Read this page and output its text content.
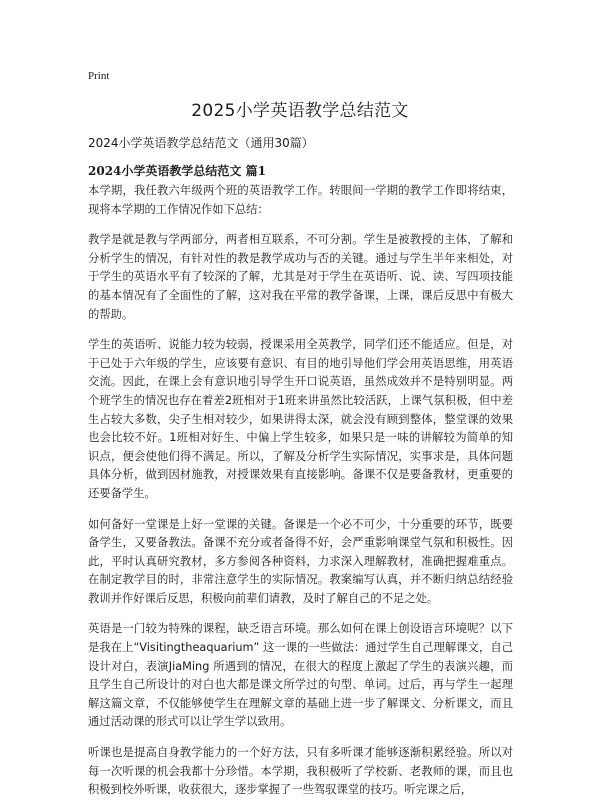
Print
2025小学英语教学总结范文
2024小学英语教学总结范文（通用30篇）
2024小学英语教学总结范文 篇1

本学期，我任教六年级两个班的英语教学工作。转眼间一学期的教学工作即将结束，现将本学期的工作情况作如下总结：

教学是就是教与学两部分，两者相互联系，不可分割。学生是被教授的主体，了解和分析学生的情况，有针对性的教是教学成功与否的关键。通过与学生半年来相处，对于学生的英语水平有了较深的了解，尤其是对于学生在英语听、说、读、写四项技能的基本情况有了全面性的了解，这对我在平常的教学备课，上课，课后反思中有极大的帮助。

学生的英语听、说能力较为较弱，授课采用全英教学，同学们还不能适应。但是，对于已处于六年级的学生，应该要有意识、有目的地引导他们学会用英语思维，用英语交流。因此，在课上会有意识地引导学生开口说英语，虽然成效并不是特别明显。两个班学生的情况也存在着差2班相对于1班来讲虽然比较活跃，上课气氛积极，但中差生占较大多数，尖子生相对较少，如果讲得太深，就会没有顾到整体，整堂课的效果也会比较不好。1班相对好生、中偏上学生较多，如果只是一味的讲解较为简单的知识点，便会使他们得不满足。所以，了解及分析学生实际情况，实事求是，具体问题具体分析，做到因材施教，对授课效果有直接影响。备课不仅是要备教材，更重要的还要备学生。

如何备好一堂课是上好一堂课的关键。备课是一个必不可少，十分重要的环节，既要备学生，又要备教法。备课不充分或者备得不好，会严重影响课堂气氛和积极性。因此，平时认真研究教材，多方参阅各种资料，力求深入理解教材，准确把握难重点。在制定教学目的时，非常注意学生的实际情况。教案编写认真，并不断归纳总结经验教训并作好课后反思，积极向前辈们请教，及时了解自己的不足之处。

英语是一门较为特殊的课程，缺乏语言环境。那么如何在课上创设语言环境呢？以下是我在上“Visitingtheaquarium” 这一课的一些做法：通过学生自己理解课文，自己设计对白，表演JiaMing 所遇到的情况，在很大的程度上激起了学生的表演兴趣，而且学生自己所设计的对白也大都是课文所学过的句型、单词。过后，再与学生一起理解这篇文章，不仅能够使学生在理解文章的基础上进一步了解课文、分析课文，而且通过活动课的形式可以让学生学以致用。

听课也是提高自身教学能力的一个好方法，只有多听课才能够逐渐积累经验。所以对每一次听课的机会我都十分珍惜。本学期，我积极听了学校新、老教师的课，而且也积极到校外听课，收获很大，逐步掌握了一些驾驭课堂的技巧。听完课之后，
